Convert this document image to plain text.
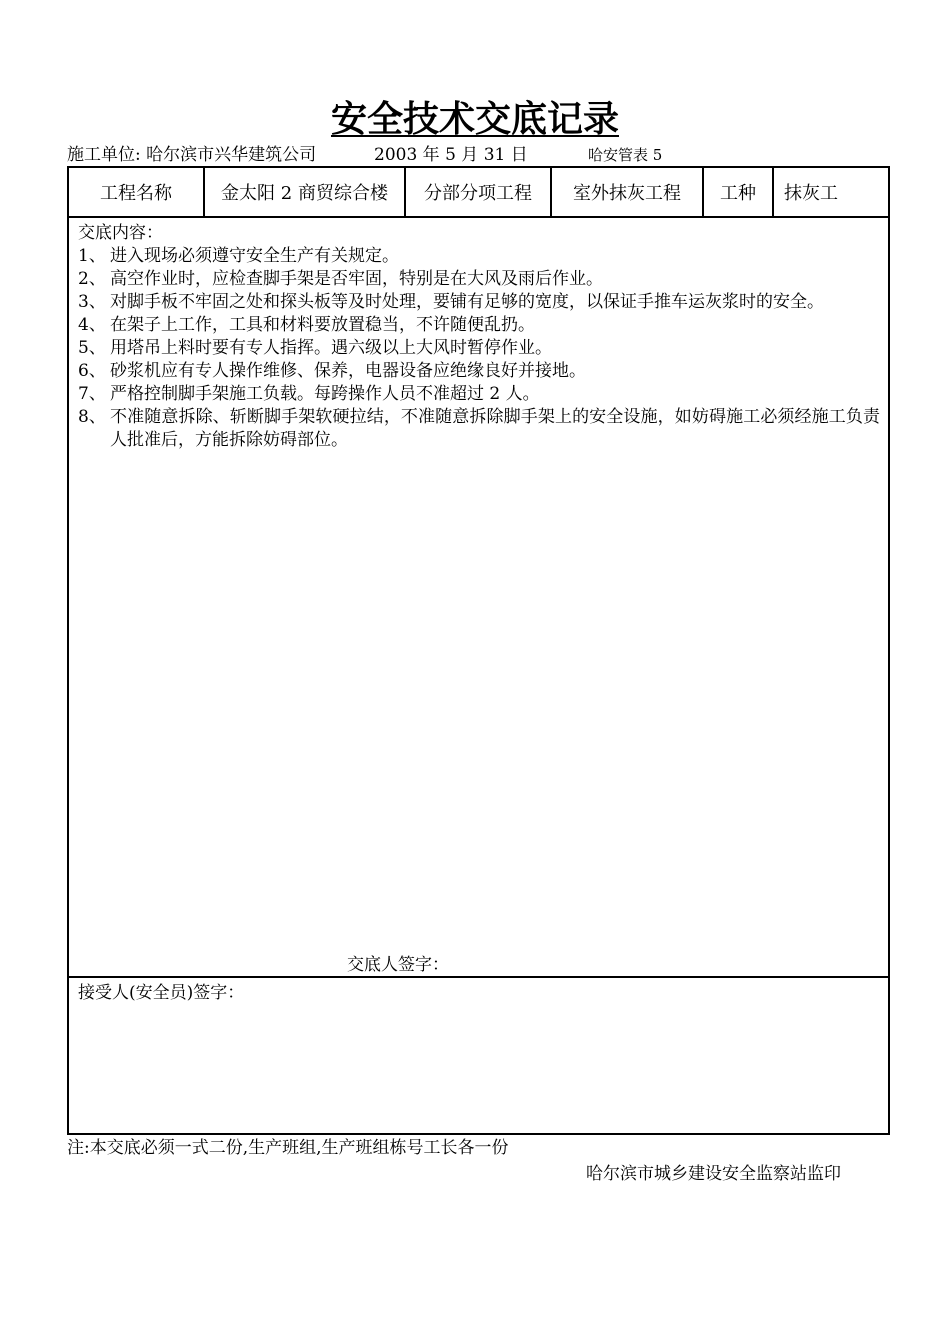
安全技术交底记录
施工单位: 哈尔滨市兴华建筑公司	2003 年 5 月 31 日	哈安管表 5
工程名称	金太阳 2 商贸综合楼	分部分项工程	室外抹灰工程	工种	抹灰工

交底内容：
1、 进入现场必须遵守安全生产有关规定。
2、 高空作业时，应检查脚手架是否牢固，特别是在大风及雨后作业。
3、 对脚手板不牢固之处和探头板等及时处理，要铺有足够的宽度，以保证手推车运灰浆时的安全。
4、 在架子上工作，工具和材料要放置稳当，不许随便乱扔。
5、 用塔吊上料时要有专人指挥。遇六级以上大风时暂停作业。
6、 砂浆机应有专人操作维修、保养，电器设备应绝缘良好并接地。
7、 严格控制脚手架施工负载。每跨操作人员不准超过 2 人。
8、 不准随意拆除、斩断脚手架软硬拉结，不准随意拆除脚手架上的安全设施，如妨碍施工必须经施工负责人批准后，方能拆除妨碍部位。
交底人签字：

接受人(安全员)签字：
注:本交底必须一式二份,生产班组,生产班组栋号工长各一份
哈尔滨市城乡建设安全监察站监印
